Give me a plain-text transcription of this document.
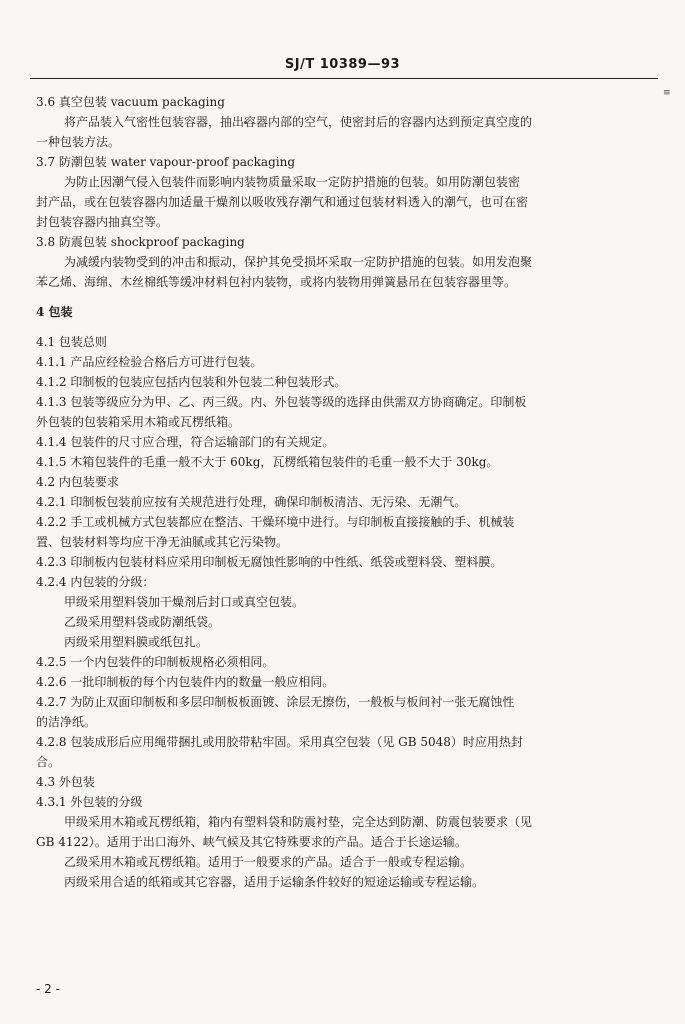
SJ/T 10389—93
≡
3.6 真空包装 vacuum packaging
将产品装入气密性包装容器，抽出容器内部的空气，使密封后的容器内达到预定真空度的
一种包装方法。
3.7 防潮包装 water vapour-proof packaging
为防止因潮气侵入包装件而影响内装物质量采取一定防护措施的包装。如用防潮包装密
封产品，或在包装容器内加适量干燥剂以吸收残存潮气和通过包装材料透入的潮气，也可在密
封包装容器内抽真空等。
3.8 防震包装 shockproof packaging
为减缓内装物受到的冲击和振动，保护其免受损坏采取一定防护措施的包装。如用发泡聚
苯乙烯、海绵、木丝棉纸等缓冲材料包衬内装物，或将内装物用弹簧悬吊在包装容器里等。
4 包装
4.1 包装总则
4.1.1 产品应经检验合格后方可进行包装。
4.1.2 印制板的包装应包括内包装和外包装二种包装形式。
4.1.3 包装等级应分为甲、乙、丙三级。内、外包装等级的选择由供需双方协商确定。印制板
外包装的包装箱采用木箱或瓦楞纸箱。
4.1.4 包装件的尺寸应合理，符合运输部门的有关规定。
4.1.5 木箱包装件的毛重一般不大于 60kg，瓦楞纸箱包装件的毛重一般不大于 30kg。
4.2 内包装要求
4.2.1 印制板包装前应按有关规范进行处理，确保印制板清洁、无污染、无潮气。
4.2.2 手工或机械方式包装都应在整洁、干燥环境中进行。与印制板直接接触的手、机械装
置、包装材料等均应干净无油腻或其它污染物。
4.2.3 印制板内包装材料应采用印制板无腐蚀性影响的中性纸、纸袋或塑料袋、塑料膜。
4.2.4 内包装的分级：
甲级采用塑料袋加干燥剂后封口或真空包装。
乙级采用塑料袋或防潮纸袋。
丙级采用塑料膜或纸包扎。
4.2.5 一个内包装件的印制板规格必须相同。
4.2.6 一批印制板的每个内包装件内的数量一般应相同。
4.2.7 为防止双面印制板和多层印制板板面镀、涂层无擦伤，一般板与板间衬一张无腐蚀性
的洁净纸。
4.2.8 包装成形后应用绳带捆扎或用胶带粘牢固。采用真空包装（见 GB 5048）时应用热封
合。
4.3 外包装
4.3.1 外包装的分级
甲级采用木箱或瓦楞纸箱，箱内有塑料袋和防震衬垫，完全达到防潮、防震包装要求（见
GB 4122）。适用于出口海外、峡气候及其它特殊要求的产品。适合于长途运输。
乙级采用木箱或瓦楞纸箱。适用于一般要求的产品。适合于一般或专程运输。
丙级采用合适的纸箱或其它容器，适用于运输条件较好的短途运输或专程运输。
- 2 -
